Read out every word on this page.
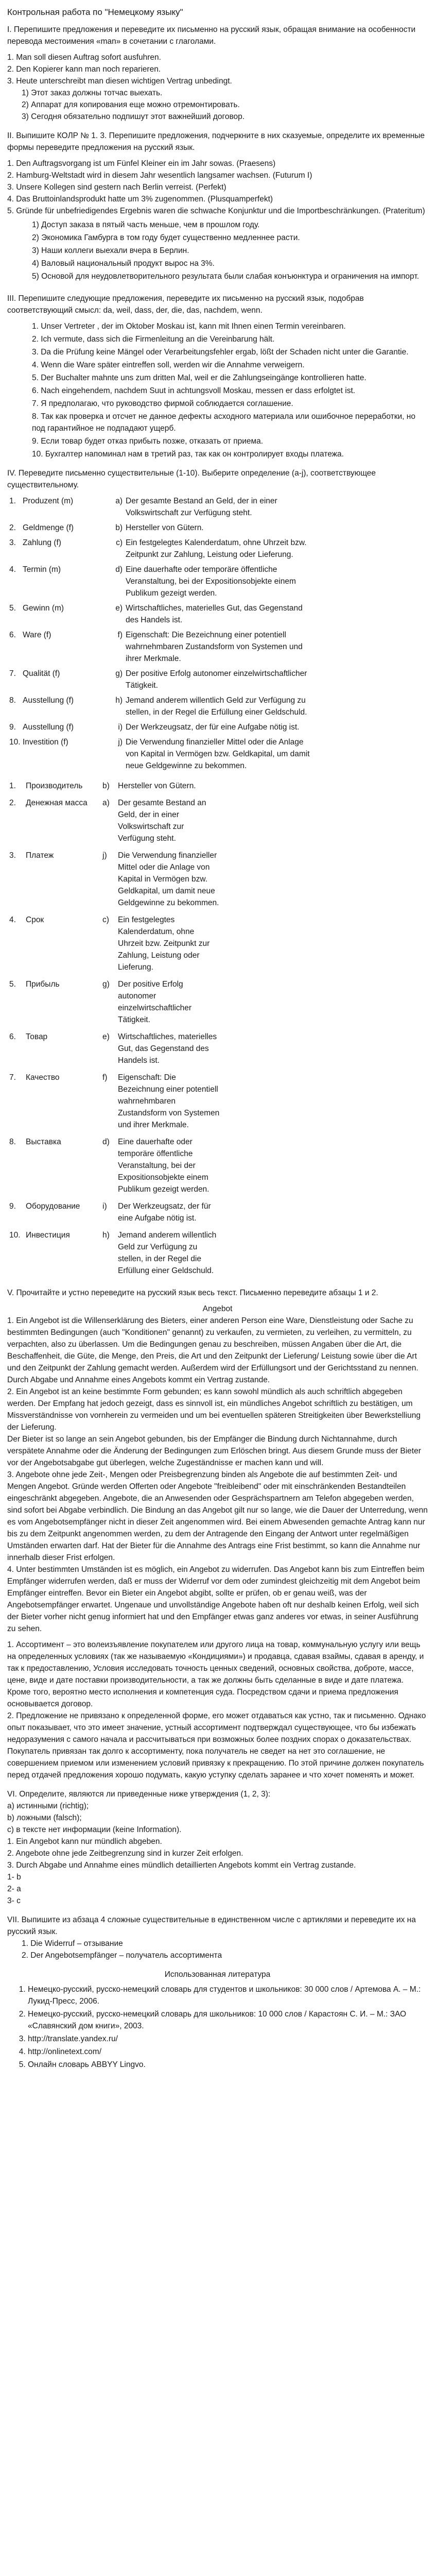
Контрольная работа по "Немецкому языку"

I. Перепишите предложения и переведите их письменно на русский язык, обращая внимание на особенности перевода местоимения «man» в сочетании с глаголами.

1. Man soll diesen Auftrag sofort ausfuhren.

2. Den Kopierer kann man noch reparieren.

3. Heute unterschreibt man diesen wichtigen Vertrag unbedingt.

1) Этот заказ должны тотчас выехать.

2) Аппарат для копирования еще можно отремонтировать.

3) Сегодня обязательно подпишут этот важнейший договор.

II. Выпишите КОЛР № 1. 3. Перепишите предложения, подчеркните в них сказуемые, определите их временные формы переведите предложения на русский язык.

1. Den Auftragsvorgang ist um Fünfel Kleiner ein im Jahr sowas. (Praesens)

2. Hamburg-Weltstadt wird in diesem Jahr wesentlich langsamer wachsen. (Futurum I)

3. Unsere Kollegen sind gestern nach Berlin verreist. (Perfekt)

4. Das Bruttoinlandsprodukt hatte um 3% zugenommen. (Plusquamperfekt)

5. Gründe für unbefriedigendes Ergebnis waren die schwache Konjunktur und die Importbeschränkungen. (Prateritum)

1) Доступ заказа в пятый часть меньше, чем в прошлом году.
2) Экономика Гамбурга в том году будет существенно медленнее расти.
3) Наши коллеги выехали вчера в Берлин.
4) Валовый национальный продукт вырос на 3%.
5) Основой для неудовлетворительного результата были слабая конъюнктура и ограничения на импорт.

III. Перепишите следующие предложения, переведите их письменно на русский язык, подобрав соответствующий смысл: da, weil, dass, der, die, das, nachdem, wenn.

1. Unser Vertreter , der im Oktober Moskau ist, kann mit Ihnen einen Termin vereinbaren.
2. Ich vermute, dass sich die Firmenleitung an die Vereinbarung hält.
3. Da die Prüfung keine Mängel oder Verarbeitungsfehler ergab, lößt der Schaden nicht unter die Garantie.
4. Wenn die Ware später eintreffen soll, werden wir die Annahme verweigern.
5. Der Buchalter mahnte uns zum dritten Mal, weil er die Zahlungseingänge kontrollieren hatte.
6. Nach eingehendem, nachdem Suut in achtungsvoll Moskau, messen er dass erfolgtet ist.
7. Я предполагаю, что руководство фирмой соблюдается соглашение.
8. Так как проверка и отсчет не данное дефекты асходного материала или ошибочное переработки, но под гарантийное не подпадают ущерб.
9. Если товар будет отказ прибыть позже, отказать от приема.
10. Бухгалтер напоминал нам в третий раз, так как он контролирует входы платежа.

IV. Переведите письменно существительные (1-10). Выберите определение (a-j), соответствующее существительному.

1.	Produzent (m)	a)	Der gesamte Bestand an Geld, der in einer Volkswirtschaft zur Verfügung steht.
2.	Geldmenge (f)	b)	Hersteller von Gütern.
3.	Zahlung (f)	c)	Ein festgelegtes Kalenderdatum, ohne Uhrzeit bzw. Zeitpunkt zur Zahlung, Leistung oder Lieferung.
4.	Termin (m)	d)	Eine dauerhafte oder temporäre öffentliche Veranstaltung, bei der Expositionsobjekte einem Publikum gezeigt werden.
5.	Gewinn (m)	e)	Wirtschaftliches, materielles Gut, das Gegenstand des Handels ist.
6.	Ware (f)	f)	Eigenschaft: Die Bezeichnung einer potentiell wahrnehmbaren Zustandsform von Systemen und ihrer Merkmale.
7.	Qualität (f)	g)	Der positive Erfolg autonomer einzelwirtschaftlicher Tätigkeit.
8.	Ausstellung (f)	h)	Jemand anderem willentlich Geld zur Verfügung zu stellen, in der Regel die Erfüllung einer Geldschuld.
9.	Ausstellung (f)	i)	Der Werkzeugsatz, der für eine Aufgabe nötig ist.
10.	Investition (f)	j)	Die Verwendung finanzieller Mittel oder die Anlage von Kapital in Vermögen bzw. Geldkapital, um damit neue Geldgewinne zu bekommen.
1.	Производитель	b)	Hersteller von Gütern.
2.	Денежная масса	a)	Der gesamte Bestand an Geld, der in einer Volkswirtschaft zur Verfügung steht.
3.	Платеж	j)	Die Verwendung finanzieller Mittel oder die Anlage von Kapital in Vermögen bzw. Geldkapital, um damit neue Geldgewinne zu bekommen.
4.	Срок	c)	Ein festgelegtes Kalenderdatum, ohne Uhrzeit bzw. Zeitpunkt zur Zahlung, Leistung oder Lieferung.
5.	Прибыль	g)	Der positive Erfolg autonomer einzelwirtschaftlicher Tätigkeit.
6.	Товар	e)	Wirtschaftliches, materielles Gut, das Gegenstand des Handels ist.
7.	Качество	f)	Eigenschaft: Die Bezeichnung einer potentiell wahrnehmbaren Zustandsform von Systemen und ihrer Merkmale.
8.	Выставка	d)	Eine dauerhafte oder temporäre öffentliche Veranstaltung, bei der Expositionsobjekte einem Publikum gezeigt werden.
9.	Оборудование	i)	Der Werkzeugsatz, der für eine Aufgabe nötig ist.
10.	Инвестиция	h)	Jemand anderem willentlich Geld zur Verfügung zu stellen, in der Regel die Erfüllung einer Geldschuld.

V. Прочитайте и устно переведите на русский язык весь текст. Письменно переведите абзацы 1 и 2.

Angebot

1. Ein Angebot ist die Willenserklärung des Bieters, einer anderen Person eine Ware, Dienstleistung oder Sache zu bestimmten Bedingungen (auch "Konditionen" genannt) zu verkaufen, zu vermieten, zu verleihen, zu vermitteln, zu verpachten, also zu überlassen. Um die Bedingungen genau zu beschreiben, müssen Angaben über die Art, die Beschaffenheit, die Güte, die Menge, den Preis, die Art und den Zeitpunkt der Lieferung/ Leistung sowie über die Art und den Zeitpunkt der Zahlung gemacht werden. Außerdem wird der Erfüllungsort und der Gerichtsstand zu nennen. Durch Abgabe und Annahme eines Angebots kommt ein Vertrag zustande.

2. Ein Angebot ist an keine bestimmte Form gebunden; es kann sowohl mündlich als auch schriftlich abgegeben werden. Der Empfang hat jedoch gezeigt, dass es sinnvoll ist, ein mündliches Angebot schriftlich zu bestätigen, um Missverständnisse von vornherein zu vermeiden und um bei eventuellen späteren Streitigkeiten über Bewerkstelliung der Lieferung.

Der Bieter ist so lange an sein Angebot gebunden, bis der Empfänger die Bindung durch Nichtannahme, durch verspätete Annahme oder die Änderung der Bedingungen zum Erlöschen bringt. Aus diesem Grunde muss der Bieter vor der Angebotsabgabe gut überlegen, welche Zugeständnisse er machen kann und will.

3. Angebote ohne jede Zeit-, Mengen oder Preisbegrenzung binden als Angebote die auf bestimmten Zeit- und Mengen Angebot. Gründe werden Offerten oder Angebote "freibleibend" oder mit einschränkenden Bestandteilen eingeschränkt abgegeben. Angebote, die an Anwesenden oder Gesprächspartnern am Telefon abgegeben werden, sind sofort bei Abgabe verbindlich. Die Bindung an das Angebot gilt nur so lange, wie die Dauer der Unterredung, wenn es vom Angebotsempfänger nicht in dieser Zeit angenommen wird. Bei einem Abwesenden gemachte Antrag kann nur bis zu dem Zeitpunkt angenommen werden, zu dem der Antragende den Eingang der Antwort unter regelmäßigen Umständen erwarten darf. Hat der Bieter für die Annahme des Antrags eine Frist bestimmt, so kann die Annahme nur innerhalb dieser Frist erfolgen.

4. Unter bestimmten Umständen ist es möglich, ein Angebot zu widerrufen. Das Angebot kann bis zum Eintreffen beim Empfänger widerrufen werden, daß er muss der Widerruf vor dem oder zumindest gleichzeitig mit dem Angebot beim Empfänger eintreffen. Bevor ein Bieter ein Angebot abgibt, sollte er prüfen, ob er genau weiß, was der Angebotsempfänger erwartet. Ungenaue und unvollständige Angebote haben oft nur deshalb keinen Erfolg, weil sich der Bieter vorher nicht genug informiert hat und den Empfänger etwas ganz anderes vor etwas, in seiner Ausführung zu sehen.

1. Ассортимент – это волеизъявление покупателем или другого лица на товар, коммунальную услугу или вещь на определенных условиях (так же называемую «Кондициями») и продавца, сдавая взаймы, сдавая в аренду, и так к предоставлению, Условия исследовать точность ценных сведений, основных свойства, доброте, массе, цене, виде и дате поставки производительности, а так же должны быть сделанные в виде и дате платежа. Кроме того, вероятно место исполнения и компетенция суда. Посредством сдачи и приема предложения основывается договор.

2. Предложение не привязано к определенной форме, его может отдаваться как устно, так и письменно. Однако опыт показывает, что это имеет значение, устный ассортимент подтверждал существующее, что бы избежать недоразумения с самого начала и рассчитываться при возможных более поздних спорах о доказательствах. Покупатель привязан так долго к ассортименту, пока получатель не сведет на нет это соглашение, не совершением приемом или изменением условий привязку к прекращению. По этой причине должен покупатель перед отдачей предложения хорошо подумать, какую уступку сделать заранее и что хочет поменять и может.

VI. Определите, являются ли приведенные ниже утверждения (1, 2, 3):

a) истинными (richtig);

b) ложными (falsch);

c) в тексте нет информации (keine Information).

1. Ein Angebot kann nur mündlich abgeben.

2. Angebote ohne jede Zeitbegrenzung sind in kurzer Zeit erfolgen.

3. Durch Abgabe und Annahme eines mündlich detaillierten Angebots kommt ein Vertrag zustande.

1- b

2- a

3- c

VII. Выпишите из абзаца 4 сложные существительные в единственном числе с артиклями и переведите их на русский язык.

1. Die Widerruf – отзывание

2. Der Angebotsempfänger – получатель ассортимента

Использованная литература

1. Немецко-русский, русско-немецкий словарь для студентов и школьников: 30 000 слов / Артемова А. – М.: Лукид-Пресс, 2006.
2. Немецко-русский, русско-немецкий словарь для школьников: 10 000 слов / Карастоян С. И. – М.: ЗАО «Славянский дом книги», 2003.
3. http://translate.yandex.ru/
4. http://onlinetext.com/
5. Онлайн словарь ABBYY Lingvo.
